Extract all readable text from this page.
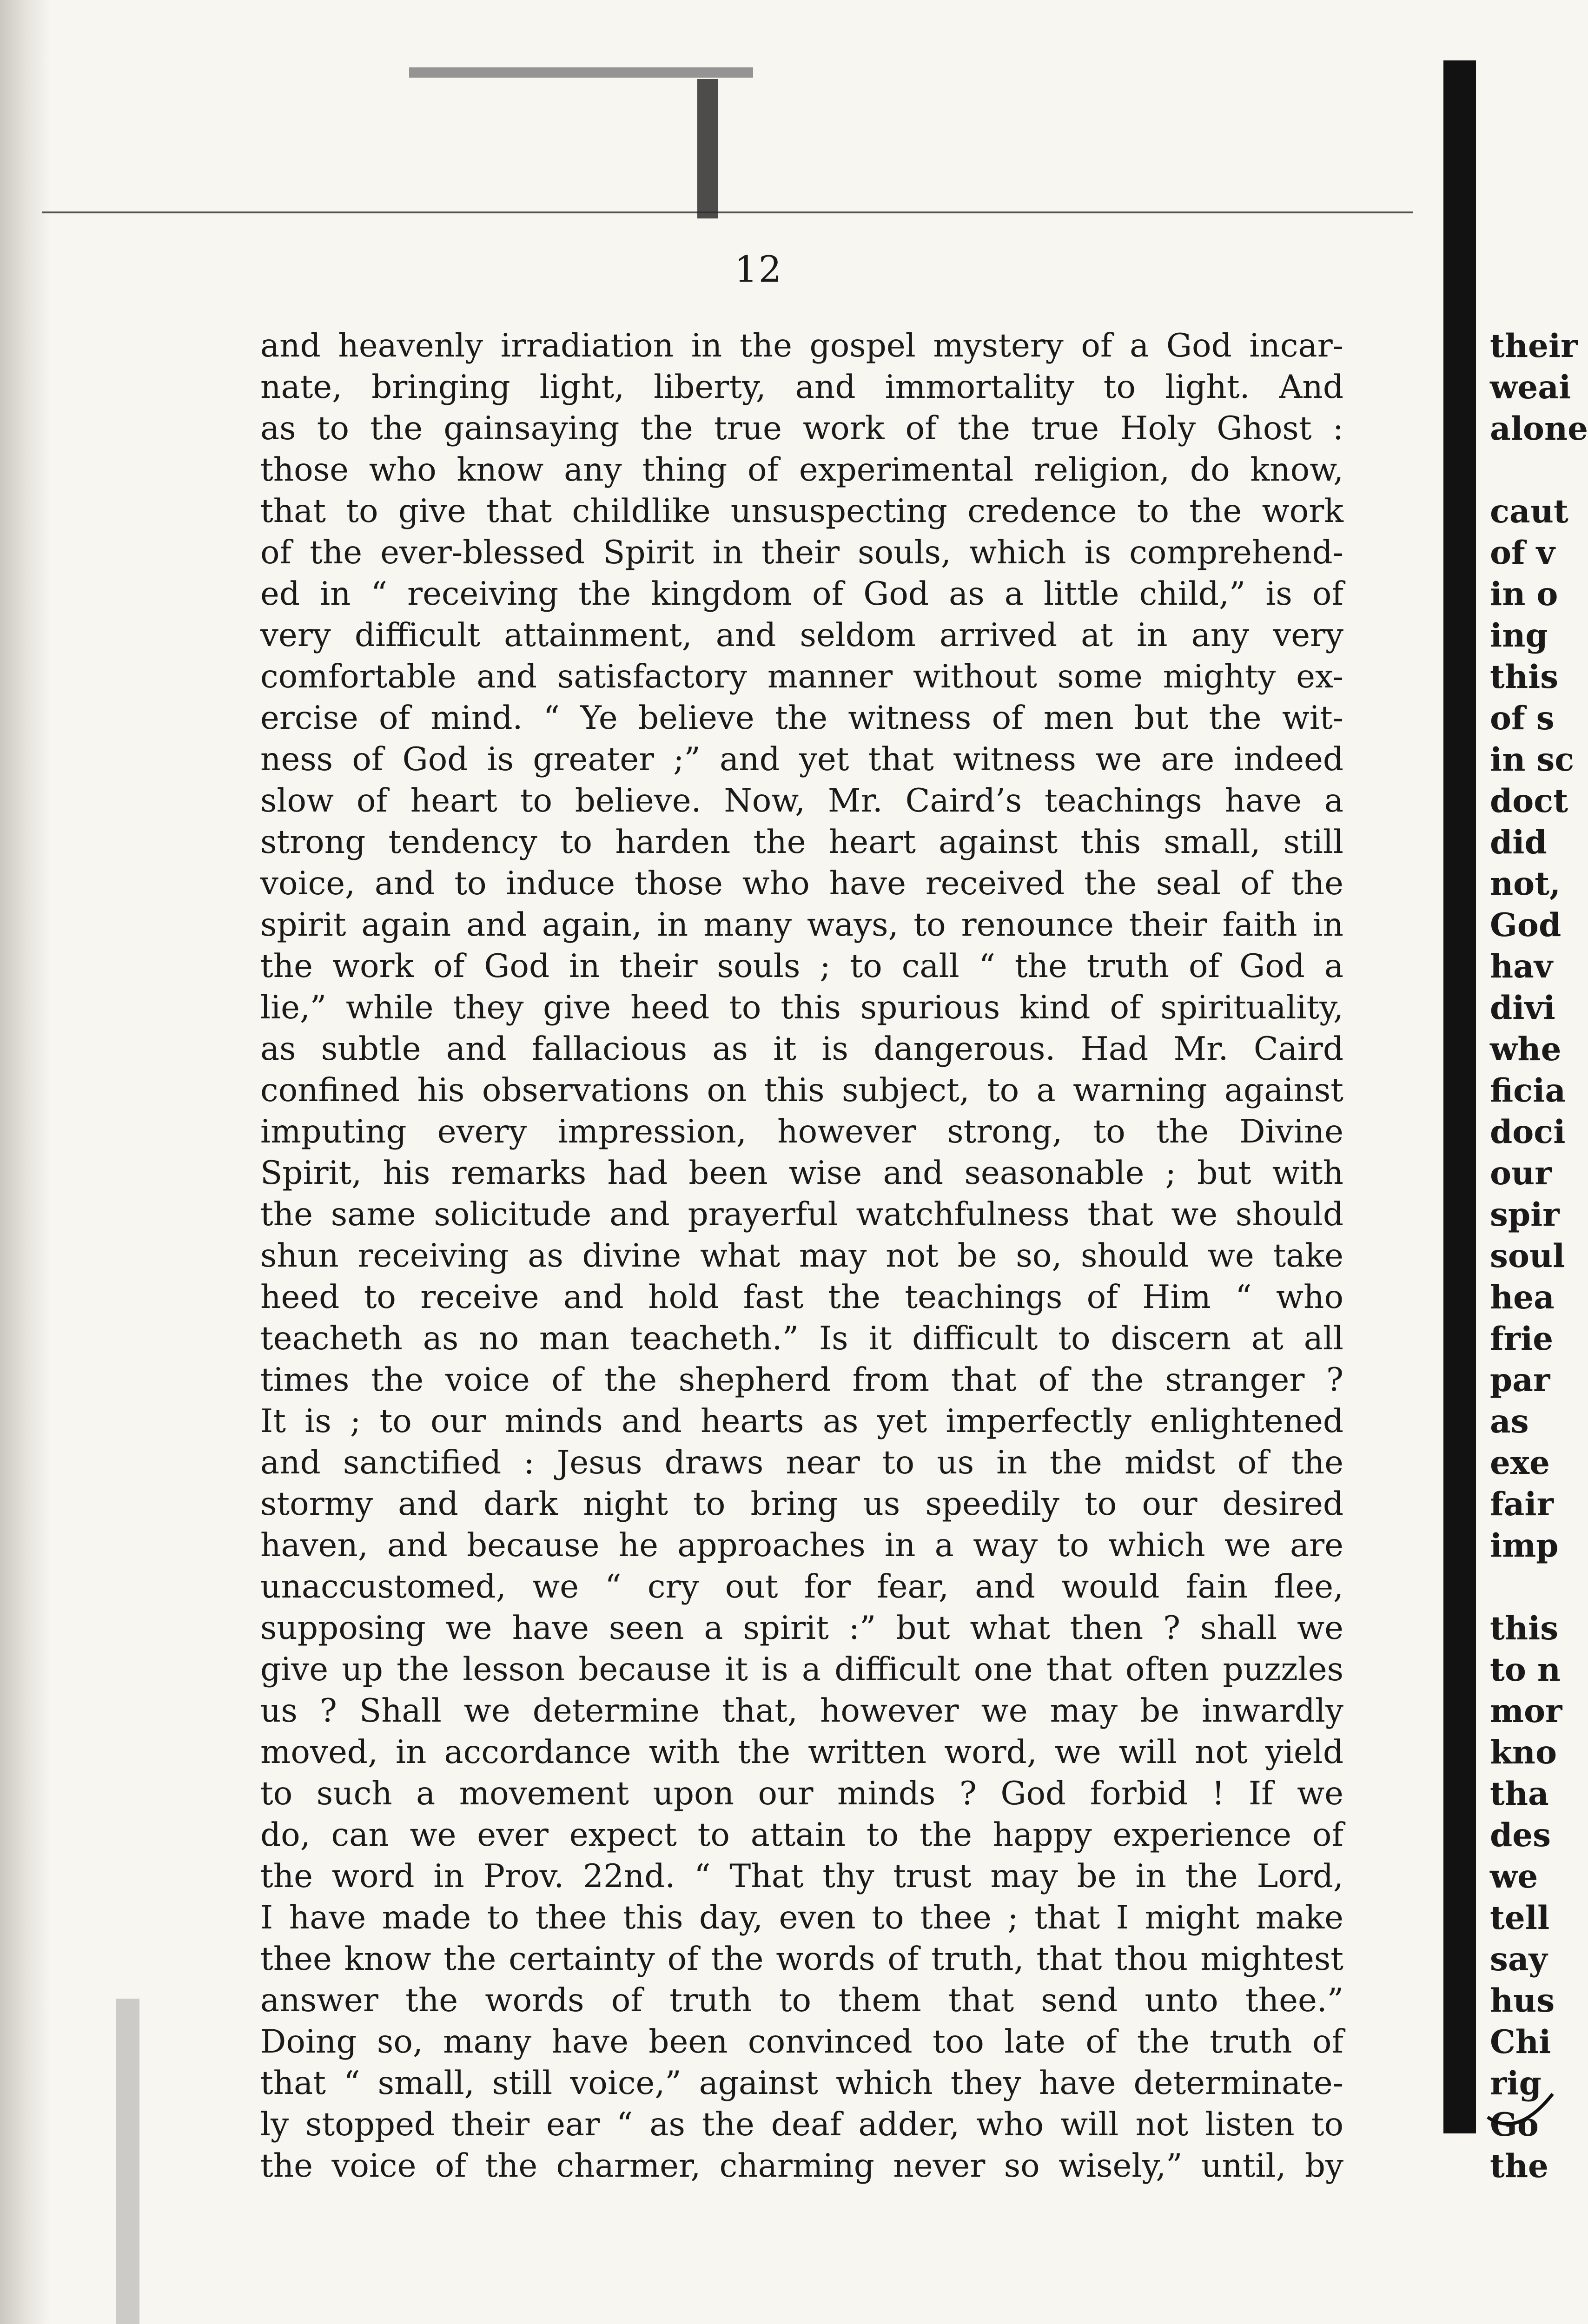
12
and heavenly irradiation in the gospel mystery of a God incar-
nate, bringing light, liberty, and immortality to light. And
as to the gainsaying the true work of the true Holy Ghost :
those who know any thing of experimental religion, do know,
that to give that childlike unsuspecting credence to the work
of the ever-blessed Spirit in their souls, which is comprehend-
ed in “ receiving the kingdom of God as a little child,” is of
very difficult attainment, and seldom arrived at in any very
comfortable and satisfactory manner without some mighty ex-
ercise of mind. “ Ye believe the witness of men but the wit-
ness of God is greater ;” and yet that witness we are indeed
slow of heart to believe. Now, Mr. Caird’s teachings have a
strong tendency to harden the heart against this small, still
voice, and to induce those who have received the seal of the
spirit again and again, in many ways, to renounce their faith in
the work of God in their souls ; to call “ the truth of God a
lie,” while they give heed to this spurious kind of spirituality,
as subtle and fallacious as it is dangerous. Had Mr. Caird
confined his observations on this subject, to a warning against
imputing every impression, however strong, to the Divine
Spirit, his remarks had been wise and seasonable ; but with
the same solicitude and prayerful watchfulness that we should
shun receiving as divine what may not be so, should we take
heed to receive and hold fast the teachings of Him “ who
teacheth as no man teacheth.” Is it difficult to discern at all
times the voice of the shepherd from that of the stranger ?
It is ; to our minds and hearts as yet imperfectly enlightened
and sanctified : Jesus draws near to us in the midst of the
stormy and dark night to bring us speedily to our desired
haven, and because he approaches in a way to which we are
unaccustomed, we “ cry out for fear, and would fain flee,
supposing we have seen a spirit :” but what then ? shall we
give up the lesson because it is a difficult one that often puzzles
us ? Shall we determine that, however we may be inwardly
moved, in accordance with the written word, we will not yield
to such a movement upon our minds ? God forbid ! If we
do, can we ever expect to attain to the happy experience of
the word in Prov. 22nd. “ That thy trust may be in the Lord,
I have made to thee this day, even to thee ; that I might make
thee know the certainty of the words of truth, that thou mightest
answer the words of truth to them that send unto thee.”
Doing so, many have been convinced too late of the truth of
that “ small, still voice,” against which they have determinate-
ly stopped their ear “ as the deaf adder, who will not listen to
the voice of the charmer, charming never so wisely,” until, by
their
weai
alone
caut
of v
in o
ing
this
of s
in sc
doct
did
not,
God
hav
divi
whe
ficia
doci
our
spir
soul
hea
frie
par
as
exe
fair
imp
this
to n
mor
kno
tha
des
we
tell
say
hus
Chi
rig
Go
the
